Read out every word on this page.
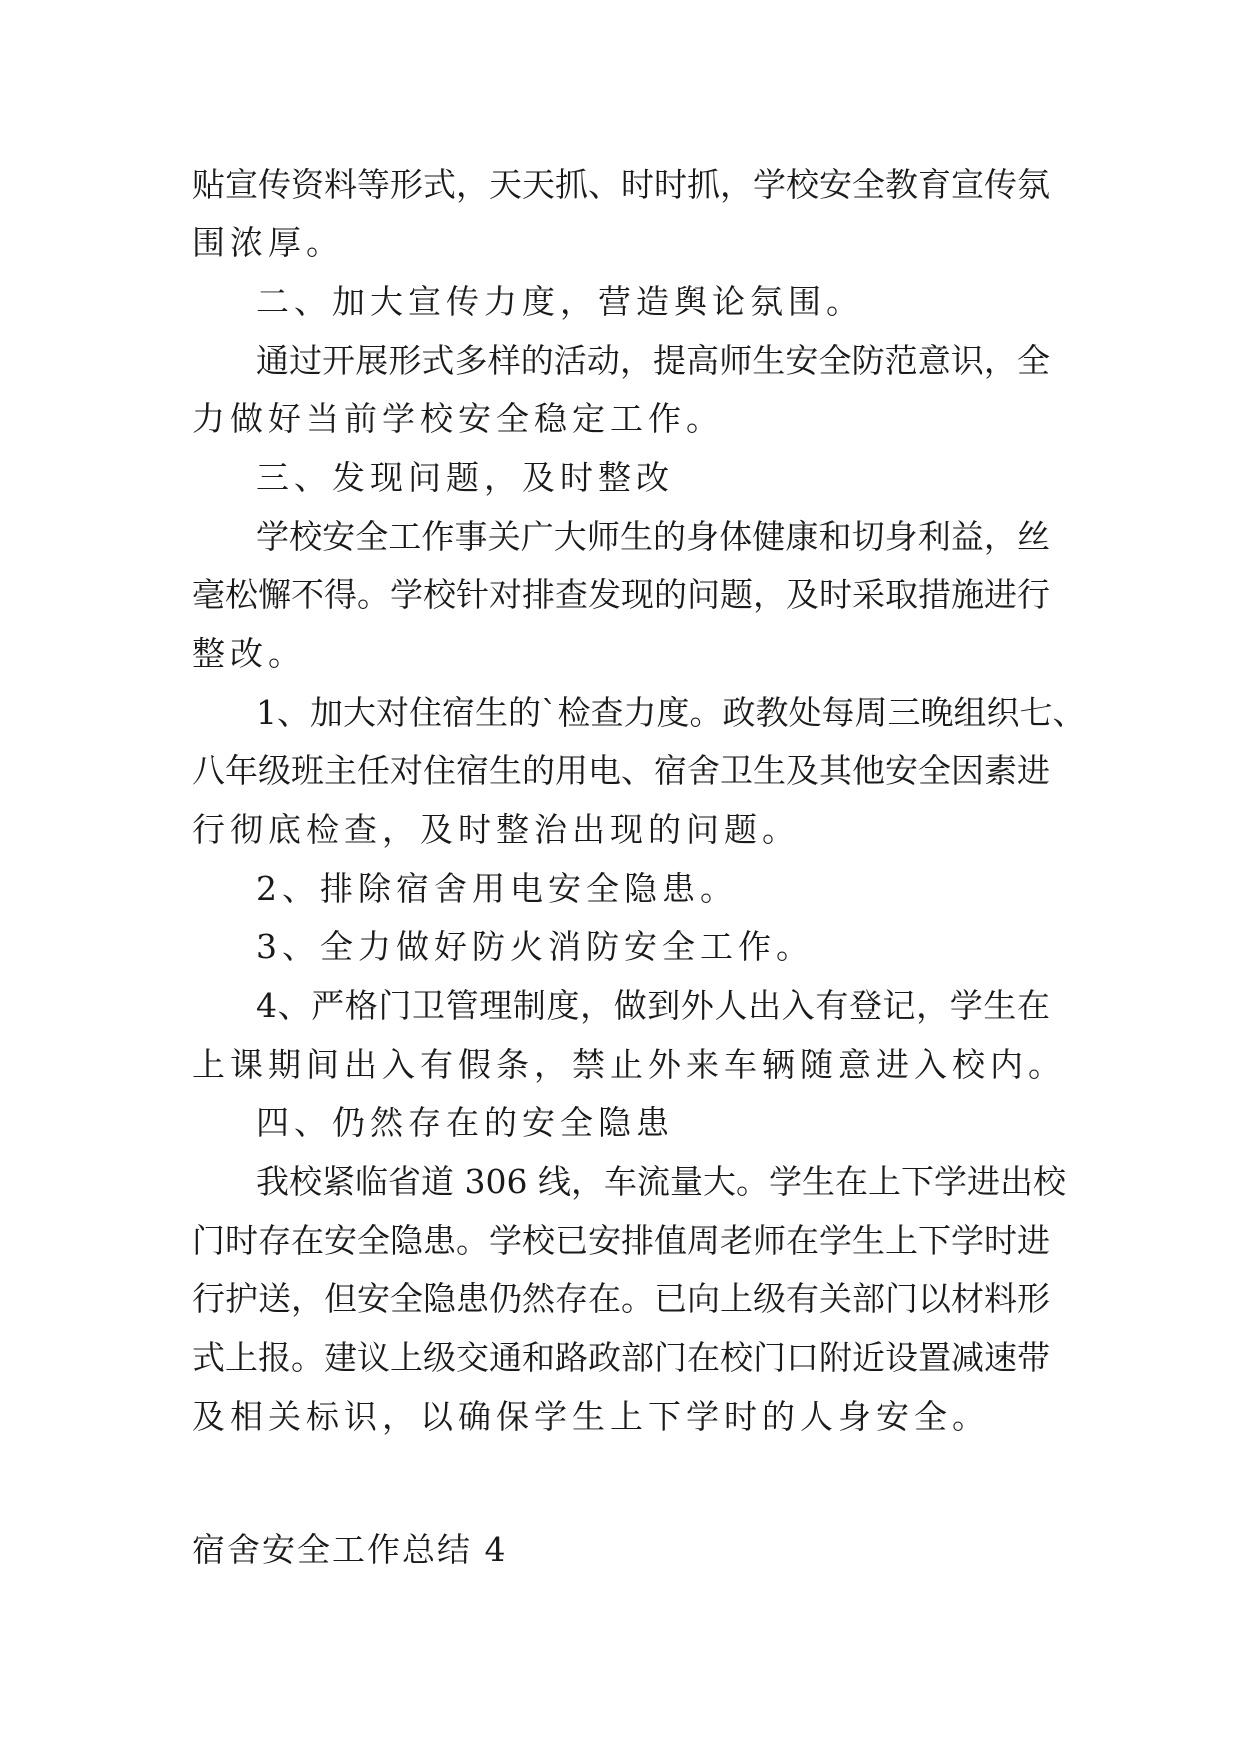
贴宣传资料等形式，天天抓、时时抓，学校安全教育宣传氛
围浓厚。
二、加大宣传力度，营造舆论氛围。
通过开展形式多样的活动，提高师生安全防范意识，全
力做好当前学校安全稳定工作。
三、发现问题，及时整改
学校安全工作事关广大师生的身体健康和切身利益，丝
毫松懈不得。学校针对排查发现的问题，及时采取措施进行
整改。
1、加大对住宿生的`检查力度。政教处每周三晚组织七、
八年级班主任对住宿生的用电、宿舍卫生及其他安全因素进
行彻底检查，及时整治出现的问题。
2、排除宿舍用电安全隐患。
3、全力做好防火消防安全工作。
4、严格门卫管理制度，做到外人出入有登记，学生在
上课期间出入有假条，禁止外来车辆随意进入校内。
四、仍然存在的安全隐患
我校紧临省道 306 线，车流量大。学生在上下学进出校
门时存在安全隐患。学校已安排值周老师在学生上下学时进
行护送，但安全隐患仍然存在。已向上级有关部门以材料形
式上报。建议上级交通和路政部门在校门口附近设置减速带
及相关标识，以确保学生上下学时的人身安全。
宿舍安全工作总结 4
